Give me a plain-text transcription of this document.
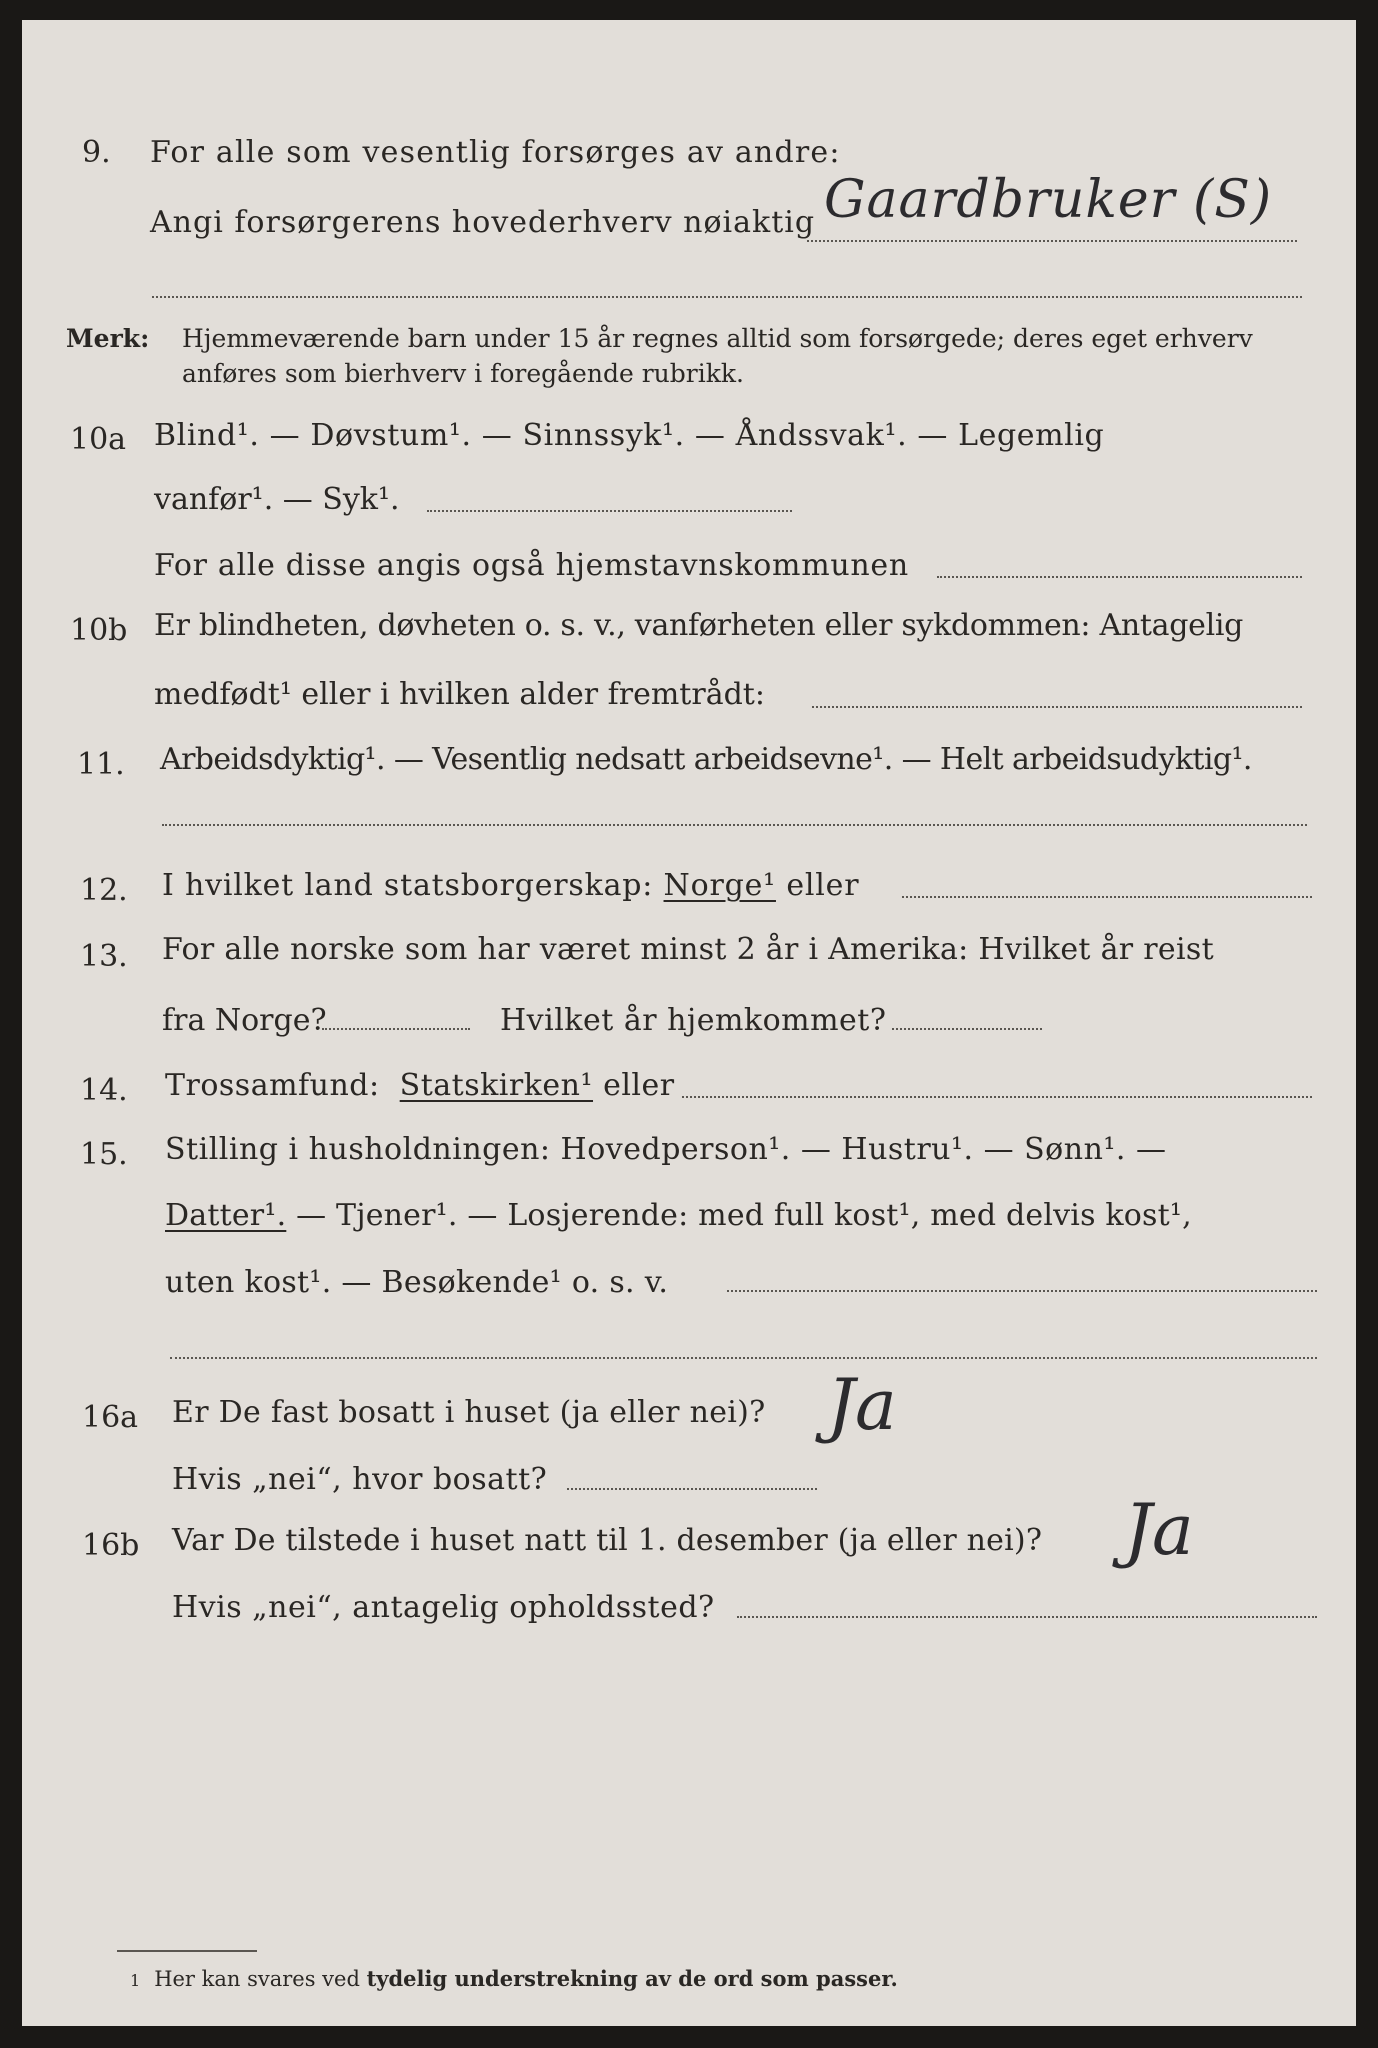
9. For alle som vesentlig forsørges av andre:
Angi forsørgerens hovederhverv nøiaktig Gaardbruker (S)
Merk: Hjemmeværende barn under 15 år regnes alltid som forsørgede; deres eget erhverv
anføres som bierhverv i foregående rubrikk.
10a Blind¹. — Døvstum¹. — Sinnssyk¹. — Åndssvak¹. — Legemlig
vanfør¹. — Syk¹.
For alle disse angis også hjemstavnskommunen
10b Er blindheten, døvheten o. s. v., vanførheten eller sykdommen: Antagelig
medfødt¹ eller i hvilken alder fremtrådt:
11. Arbeidsdyktig¹. — Vesentlig nedsatt arbeidsevne¹. — Helt arbeidsudyktig¹.
12. I hvilket land statsborgerskap: Norge¹ eller
13. For alle norske som har været minst 2 år i Amerika: Hvilket år reist
fra Norge?	Hvilket år hjemkommet?
14. Trossamfund: Statskirken¹ eller
15. Stilling i husholdningen: Hovedperson¹. — Hustru¹. — Sønn¹. —
Datter¹. — Tjener¹. — Losjerende: med full kost¹, med delvis kost¹,
uten kost¹. — Besøkende¹ o. s. v.
16a Er De fast bosatt i huset (ja eller nei)? Ja
Hvis „nei“, hvor bosatt?
16b Var De tilstede i huset natt til 1. desember (ja eller nei)? Ja
Hvis „nei“, antagelig opholdssted?
1 Her kan svares ved tydelig understrekning av de ord som passer.
